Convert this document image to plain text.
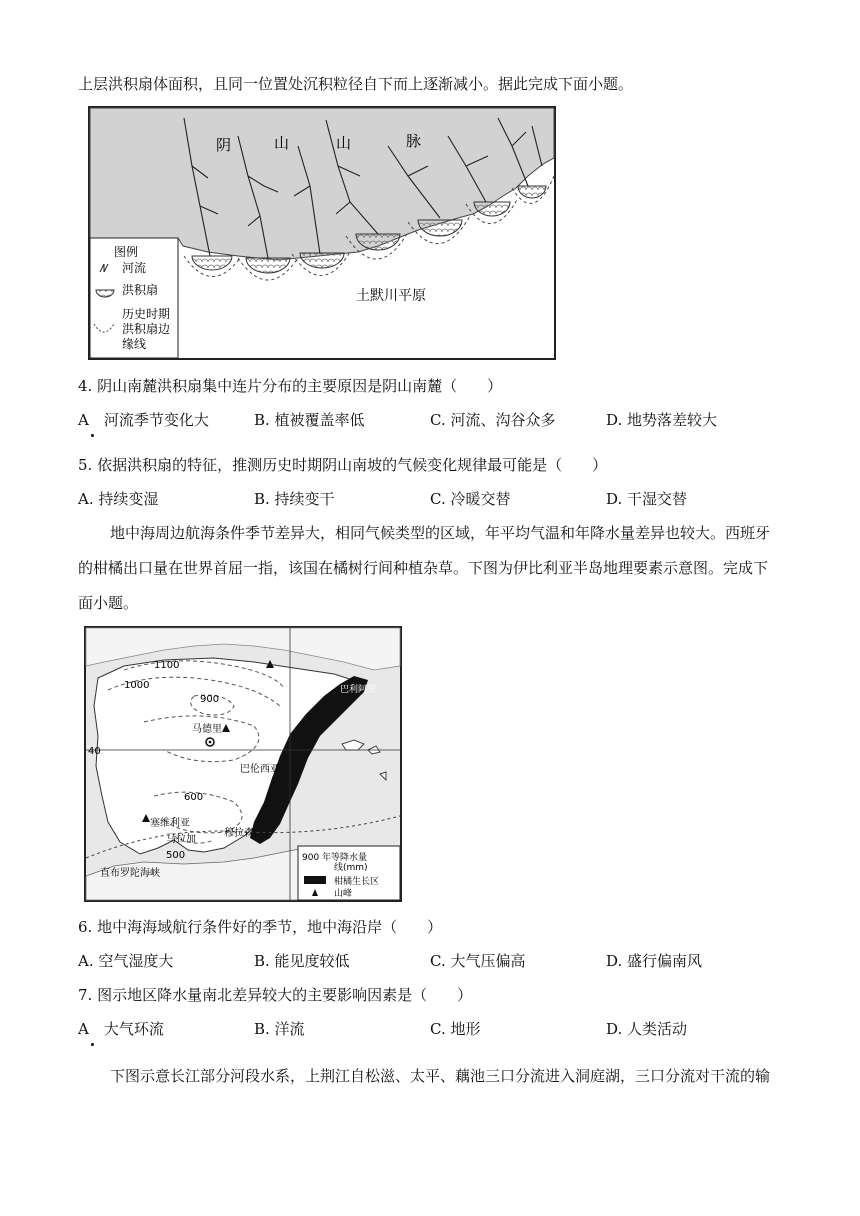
上层洪积扇体面积，且同一位置处沉积粒径自下而上逐渐减小。据此完成下面小题。
阴	山	山	脉
土默川平原
图例
河流
洪积扇
历史时期
洪积扇边
缘线
4. 阴山南麓洪积扇集中连片分布的主要原因是阴山南麓（　　）
A　河流季节变化大	B. 植被覆盖率低	C. 河流、沟谷众多	D. 地势落差较大
5. 依据洪积扇的特征，推测历史时期阴山南坡的气候变化规律最可能是（　　）
A. 持续变湿	B. 持续变干	C. 冷暖交替	D. 干湿交替
地中海周边航海条件季节差异大，相同气候类型的区域，年平均气温和年降水量差异也较大。西班牙
的柑橘出口量在世界首屈一指，该国在橘树行间种植杂草。下图为伊比利亚半岛地理要素示意图。完成下
面小题。
1100
1000
900
600
500
40
马德里
巴伦西亚
塞维利亚
马拉加
穆拉森
直布罗陀海峡
巴利阿里
900 年等降水量
线(mm)
柑橘生长区
山峰
6. 地中海海域航行条件好的季节，地中海沿岸（　　）
A. 空气湿度大	B. 能见度较低	C. 大气压偏高	D. 盛行偏南风
7. 图示地区降水量南北差异较大的主要影响因素是（　　）
A　大气环流	B. 洋流	C. 地形	D. 人类活动
下图示意长江部分河段水系，上荆江自松滋、太平、藕池三口分流进入洞庭湖，三口分流对干流的输
